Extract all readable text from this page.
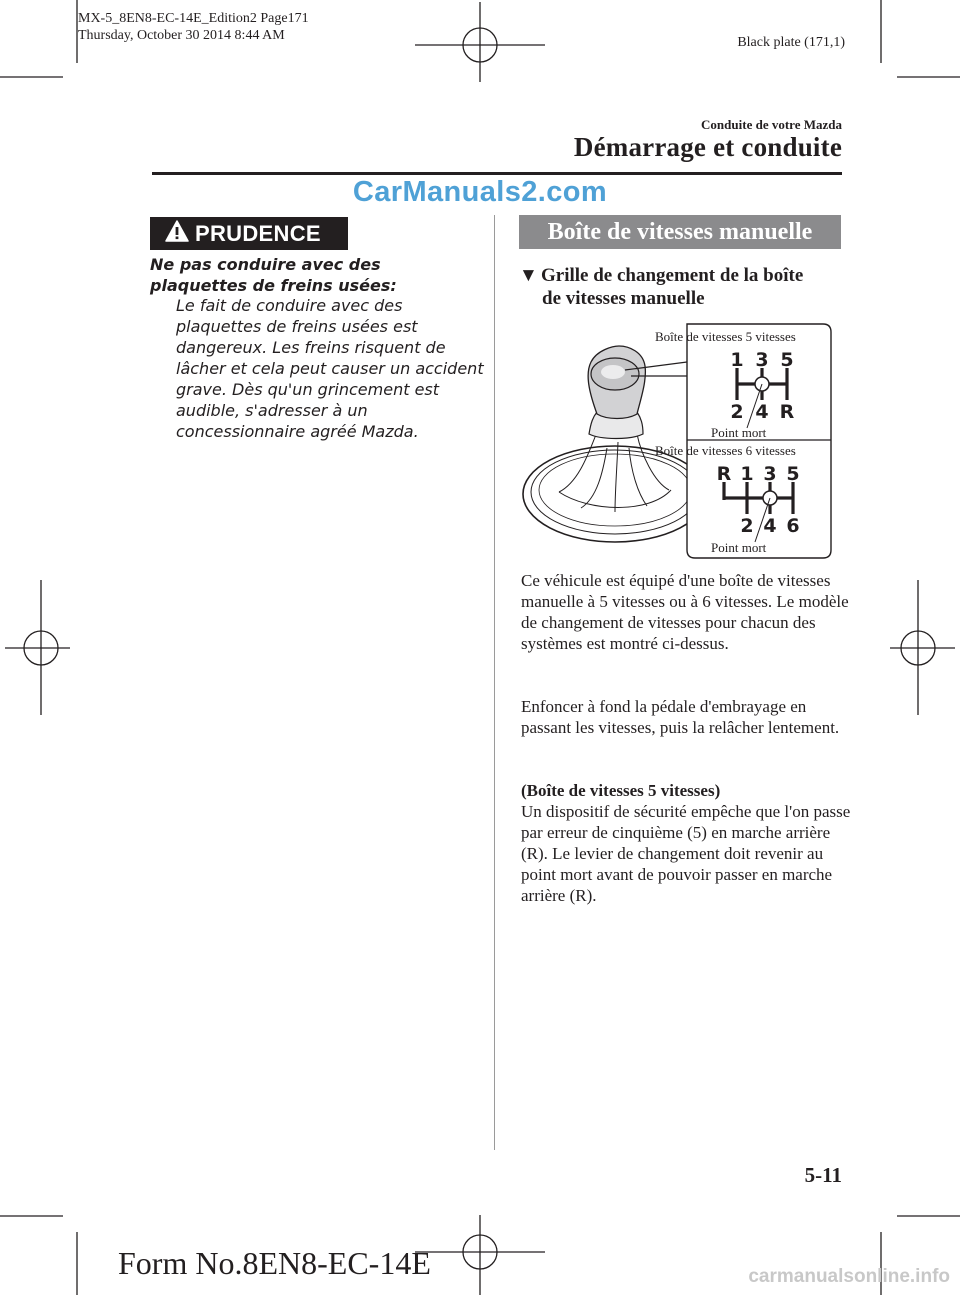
MX-5_8EN8-EC-14E_Edition2 Page171
Thursday, October 30 2014 8:44 AM	Black plate (171,1)
Conduite de votre Mazda
Démarrage et conduite
CarManuals2.com
PRUDENCE
Ne pas conduire avec des plaquettes de freins usées:
Le fait de conduire avec des plaquettes de freins usées est dangereux. Les freins risquent de lâcher et cela peut causer un accident grave. Dès qu'un grincement est audible, s'adresser à un concessionnaire agréé Mazda.
Boîte de vitesses manuelle
▼ Grille de changement de la boîte
de vitesses manuelle
Boîte de vitesses 5 vitesses
Point mort
Boîte de vitesses 6 vitesses
Point mort
1 3 5
2 4 R
R 1 3 5
2 4 6
Ce véhicule est équipé d'une boîte de vitesses manuelle à 5 vitesses ou à 6 vitesses. Le modèle de changement de vitesses pour chacun des systèmes est montré ci-dessus.
Enfoncer à fond la pédale d'embrayage en passant les vitesses, puis la relâcher lentement.
(Boîte de vitesses 5 vitesses)
Un dispositif de sécurité empêche que l'on passe par erreur de cinquième (5) en marche arrière (R). Le levier de changement doit revenir au point mort avant de pouvoir passer en marche arrière (R).
5-11
Form No.8EN8-EC-14E	carmanualsonline.info
